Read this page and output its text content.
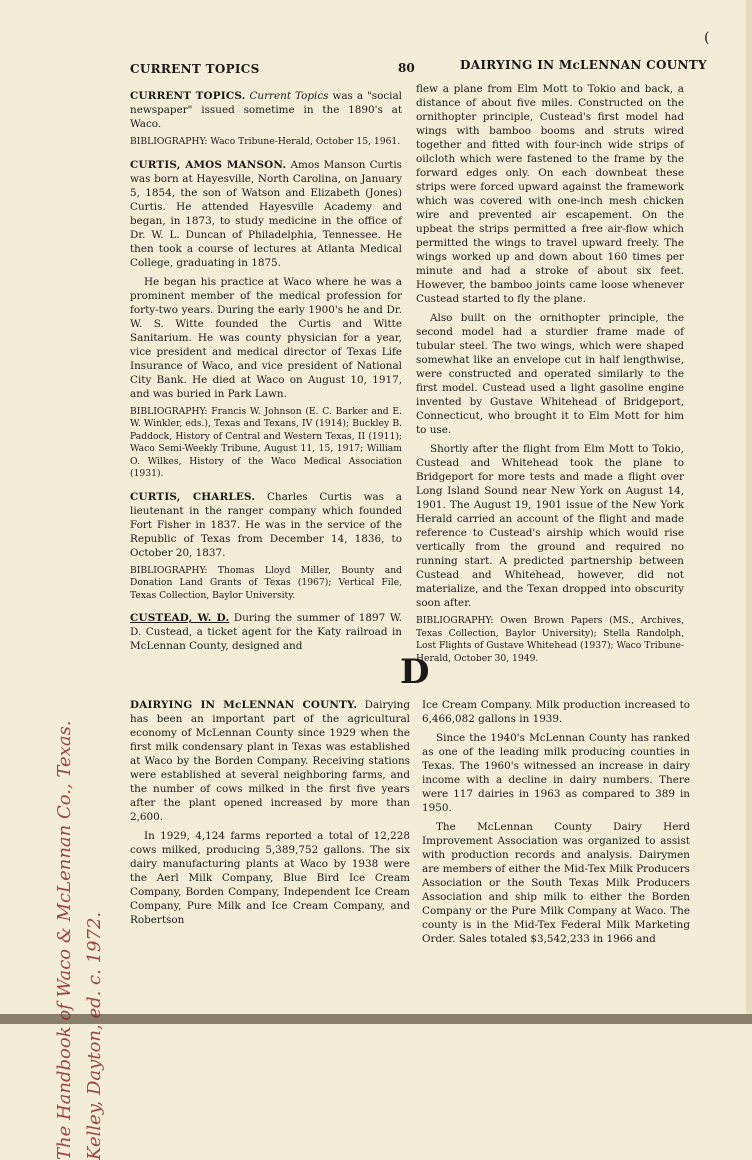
CURRENT TOPICS	80	DAIRYING IN McLENNAN COUNTY
(

CURRENT TOPICS. Current Topics was a "social newspaper" issued sometime in the 1890's at Waco.

BIBLIOGRAPHY: Waco Tribune-Herald, October 15, 1961.

CURTIS, AMOS MANSON. Amos Manson Curtis was born at Hayesville, North Carolina, on January 5, 1854, the son of Watson and Elizabeth (Jones) Curtis. He attended Hayesville Academy and began, in 1873, to study medicine in the office of Dr. W. L. Duncan of Philadelphia, Tennessee. He then took a course of lectures at Atlanta Medical College, graduating in 1875.

He began his practice at Waco where he was a prominent member of the medical profession for forty-two years. During the early 1900's he and Dr. W. S. Witte founded the Curtis and Witte Sanitarium. He was county physician for a year, vice president and medical director of Texas Life Insurance of Waco, and vice president of National City Bank. He died at Waco on August 10, 1917, and was buried in Park Lawn.

BIBLIOGRAPHY: Francis W. Johnson (E. C. Barker and E. W. Winkler, eds.), Texas and Texans, IV (1914); Buckley B. Paddock, History of Central and Western Texas, II (1911); Waco Semi-Weekly Tribune, August 11, 15, 1917; William O. Wilkes, History of the Waco Medical Association (1931).

CURTIS, CHARLES. Charles Curtis was a lieutenant in the ranger company which founded Fort Fisher in 1837. He was in the service of the Republic of Texas from December 14, 1836, to October 20, 1837.

BIBLIOGRAPHY: Thomas Lloyd Miller, Bounty and Donation Land Grants of Texas (1967); Vertical File, Texas Collection, Baylor University.

CUSTEAD, W. D. During the summer of 1897 W. D. Custead, a ticket agent for the Katy railroad in McLennan County, designed and

flew a plane from Elm Mott to Tokio and back, a distance of about five miles. Constructed on the ornithopter principle, Custead's first model had wings with bamboo booms and struts wired together and fitted with four-inch wide strips of oilcloth which were fastened to the frame by the forward edges only. On each downbeat these strips were forced upward against the framework which was covered with one-inch mesh chicken wire and prevented air escapement. On the upbeat the strips permitted a free air-flow which permitted the wings to travel upward freely. The wings worked up and down about 160 times per minute and had a stroke of about six feet. However, the bamboo joints came loose whenever Custead started to fly the plane.

Also built on the ornithopter principle, the second model had a sturdier frame made of tubular steel. The two wings, which were shaped somewhat like an envelope cut in half lengthwise, were constructed and operated similarly to the first model. Custead used a light gasoline engine invented by Gustave Whitehead of Bridgeport, Connecticut, who brought it to Elm Mott for him to use.

Shortly after the flight from Elm Mott to Tokio, Custead and Whitehead took the plane to Bridgeport for more tests and made a flight over Long Island Sound near New York on August 14, 1901. The August 19, 1901 issue of the New York Herald carried an account of the flight and made reference to Custead's airship which would rise vertically from the ground and required no running start. A predicted partnership between Custead and Whitehead, however, did not materialize, and the Texan dropped into obscurity soon after.

BIBLIOGRAPHY: Owen Brown Papers (MS., Archives, Texas Collection, Baylor University); Stella Randolph, Lost Flights of Gustave Whitehead (1937); Waco Tribune-Herald, October 30, 1949.

D

DAIRYING IN McLENNAN COUNTY. Dairying has been an important part of the agricultural economy of McLennan County since 1929 when the first milk condensary plant in Texas was established at Waco by the Borden Company. Receiving stations were established at several neighboring farms, and the number of cows milked in the first five years after the plant opened increased by more than 2,600.

In 1929, 4,124 farms reported a total of 12,228 cows milked, producing 5,389,752 gallons. The six dairy manufacturing plants at Waco by 1938 were the Aerl Milk Company, Blue Bird Ice Cream Company, Borden Company, Independent Ice Cream Company, Pure Milk and Ice Cream Company, and Robertson

Ice Cream Company. Milk production increased to 6,466,082 gallons in 1939.

Since the 1940's McLennan County has ranked as one of the leading milk producing counties in Texas. The 1960's witnessed an increase in dairy income with a decline in dairy numbers. There were 117 dairies in 1963 as compared to 389 in 1950.

The McLennan County Dairy Herd Improvement Association was organized to assist with production records and analysis. Dairymen are members of either the Mid-Tex Milk Producers Association or the South Texas Milk Producers Association and ship milk to either the Borden Company or the Pure Milk Company at Waco. The county is in the Mid-Tex Federal Milk Marketing Order. Sales totaled $3,542,233 in 1966 and

The Handbook of Waco & McLennan Co., Texas. Kelley, Dayton, ed. c. 1972.
